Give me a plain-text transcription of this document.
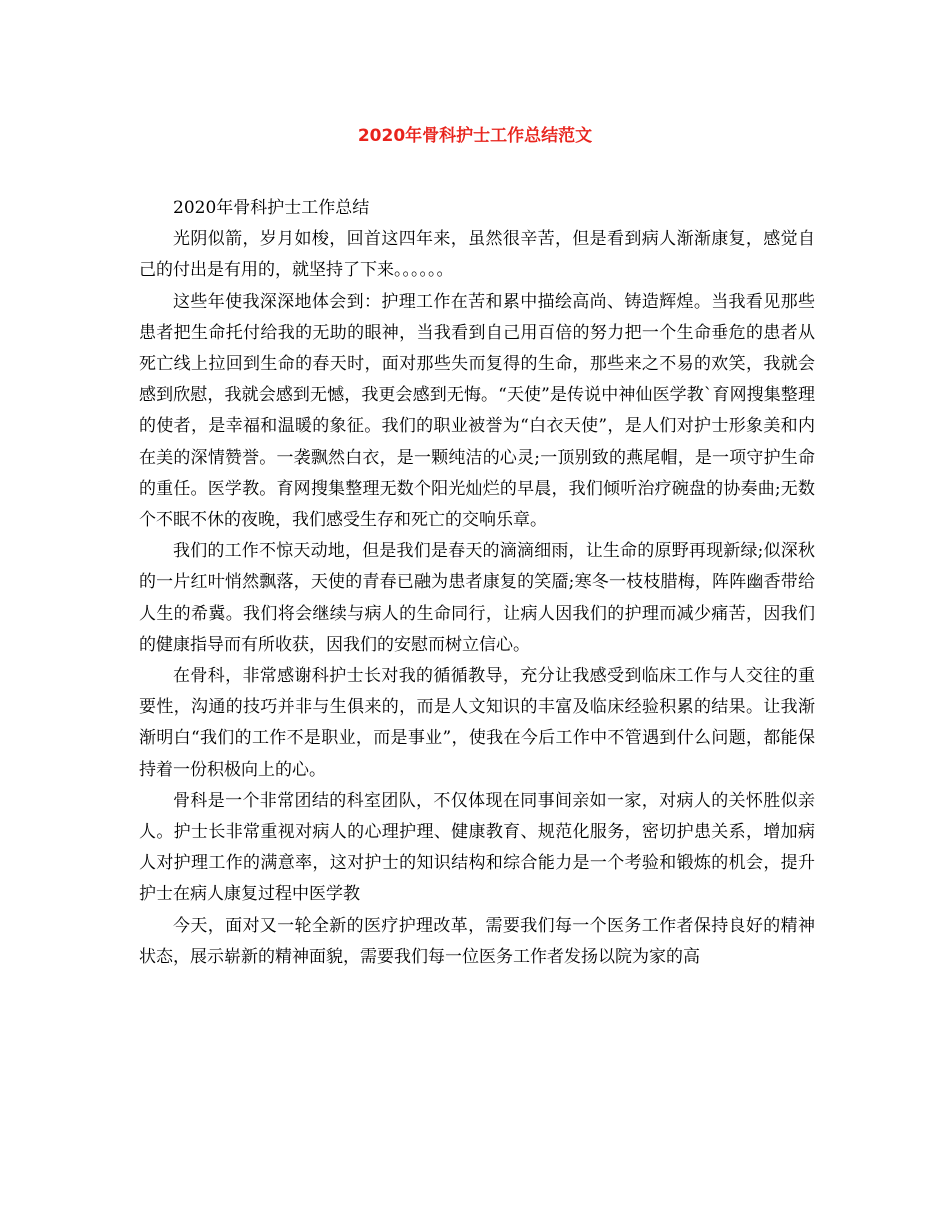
2020年骨科护士工作总结范文

2020年骨科护士工作总结

光阴似箭，岁月如梭，回首这四年来，虽然很辛苦，但是看到病人渐渐康复，感觉自己的付出是有用的，就坚持了下来。。。。。。

这些年使我深深地体会到：护理工作在苦和累中描绘高尚、铸造辉煌。当我看见那些患者把生命托付给我的无助的眼神，当我看到自己用百倍的努力把一个生命垂危的患者从死亡线上拉回到生命的春天时，面对那些失而复得的生命，那些来之不易的欢笑，我就会感到欣慰，我就会感到无憾，我更会感到无悔。“天使”是传说中神仙医学教`育网搜集整理的使者，是幸福和温暖的象征。我们的职业被誉为“白衣天使”，是人们对护士形象美和内在美的深情赞誉。一袭飘然白衣，是一颗纯洁的心灵;一顶别致的燕尾帽，是一项守护生命的重任。医学教。育网搜集整理无数个阳光灿烂的早晨，我们倾听治疗碗盘的协奏曲;无数个不眠不休的夜晚，我们感受生存和死亡的交响乐章。

我们的工作不惊天动地，但是我们是春天的滴滴细雨，让生命的原野再现新绿;似深秋的一片红叶悄然飘落，天使的青春已融为患者康复的笑靥;寒冬一枝枝腊梅，阵阵幽香带给人生的希冀。我们将会继续与病人的生命同行，让病人因我们的护理而减少痛苦，因我们的健康指导而有所收获，因我们的安慰而树立信心。

在骨科，非常感谢科护士长对我的循循教导，充分让我感受到临床工作与人交往的重要性，沟通的技巧并非与生俱来的，而是人文知识的丰富及临床经验积累的结果。让我渐渐明白“我们的工作不是职业，而是事业”，使我在今后工作中不管遇到什么问题，都能保持着一份积极向上的心。

骨科是一个非常团结的科室团队，不仅体现在同事间亲如一家，对病人的关怀胜似亲人。护士长非常重视对病人的心理护理、健康教育、规范化服务，密切护患关系，增加病人对护理工作的满意率，这对护士的知识结构和综合能力是一个考验和锻炼的机会，提升护士在病人康复过程中医学教

今天，面对又一轮全新的医疗护理改革，需要我们每一个医务工作者保持良好的精神状态，展示崭新的精神面貌，需要我们每一位医务工作者发扬以院为家的高
